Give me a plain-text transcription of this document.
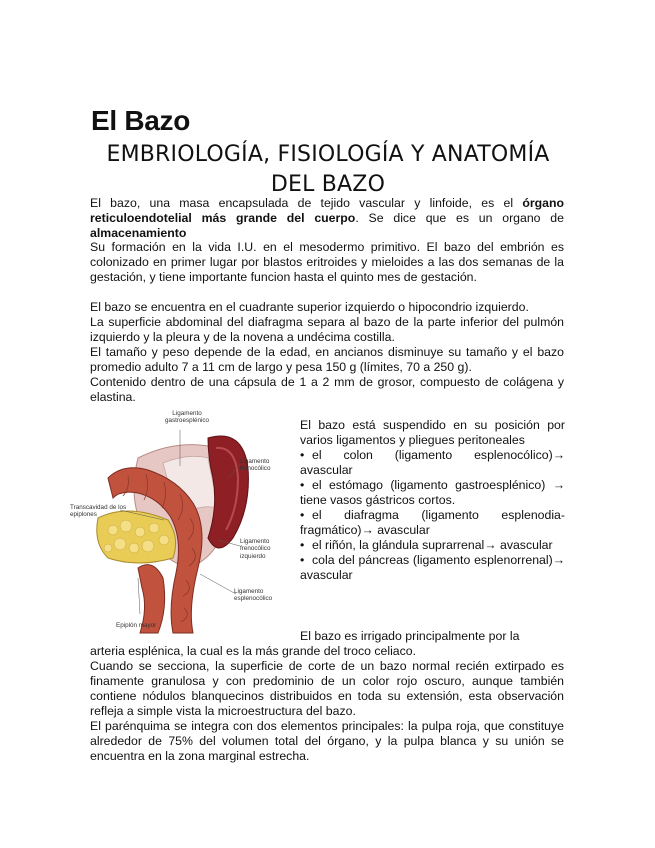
El Bazo
EMBRIOLOGÍA, FISIOLOGÍA Y ANATOMÍA DEL BAZO

El bazo, una masa encapsulada de tejido vascular y linfoide, es el órgano reticuloendotelial más grande del cuerpo. Se dice que es un organo de almacenamiento

Su formación en la vida I.U. en el mesodermo primitivo. El bazo del embrión es colonizado en primer lugar por blastos eritroides y mieloides a las dos semanas de la gestación, y tiene importante funcion hasta el quinto mes de gestación.

El bazo se encuentra en el cuadrante superior izquierdo o hipocondrio izquierdo.

La superficie abdominal del diafragma separa al bazo de la parte inferior del pulmón izquierdo y la pleura y de la novena a undécima costilla.

El tamaño y peso depende de la edad, en ancianos disminuye su tamaño y el bazo promedio adulto 7 a 11 cm de largo y pesa 150 g (límites, 70 a 250 g).

Contenido dentro de una cápsula de 1 a 2 mm de grosor, compuesto de colágena y elastina.

Ligamento gastroesplénico
Ligamento frenocólico
Transcavidad de los epiplones
Ligamento frenocólico izquierdo
Ligamento esplenocólico
Epiplón mayor
El bazo está suspendido en su posición por varios ligamentos y pliegues peritoneales
• el colon (ligamento esplenocólico)→ avascular
• el estómago (ligamento gastroesplénico) → tiene vasos gástricos cortos.
• el diafragma (ligamento esplenodia-fragmático)→ avascular
• el riñón, la glándula suprarrenal→ avascular
• cola del páncreas (ligamento esplenorrenal)→ avascular

El bazo es irrigado principalmente por la

arteria esplénica, la cual es la más grande del troco celiaco.

Cuando se secciona, la superficie de corte de un bazo normal recién extirpado es finamente granulosa y con predominio de un color rojo oscuro, aunque también contiene nódulos blanquecinos distribuidos en toda su extensión, esta observación refleja a simple vista la microestructura del bazo.

El parénquima se integra con dos elementos principales: la pulpa roja, que constituye alrededor de 75% del volumen total del órgano, y la pulpa blanca y su unión se encuentra en la zona marginal estrecha.
